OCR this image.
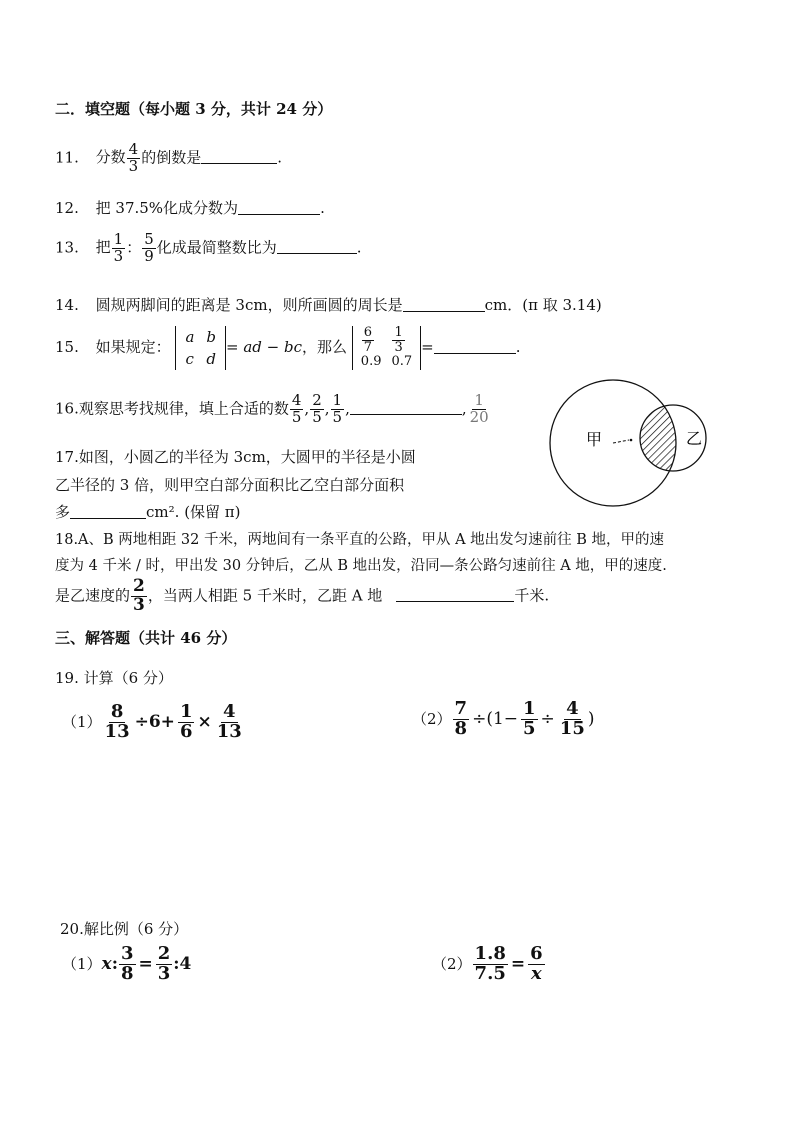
二．填空题（每小题 3 分，共计 24 分）
11. 分数 $\frac{4}{3}$ 的倒数是	.
12. 把 37.5%化成分数为	.
13. 把 $\frac{1}{3}$ ： $\frac{5}{9}$ 化成最简整数比为	.
14. 圆规两脚间的距离是 3cm，则所画圆的周长是	cm．(π 取 3.14)
15. 如果规定：
a	b
c	d
= ad − bc，那么 $\frac{6}{7}$	$\frac{1}{3}$

0.9	0.7
=	.
16.观察思考找规律，填上合适的数 $\frac{4}{5}$ , $\frac{2}{5}$ , $\frac{1}{5}$ ,	, $\frac{1}{20}$
17.如图，小圆乙的半径为 3cm，大圆甲的半径是小圆
乙半径的 3 倍，则甲空白部分面积比乙空白部分面积
多	cm². (保留 π)
甲	乙
18.A、B 两地相距 32 千米，两地间有一条平直的公路，甲从 A 地出发匀速前往 B 地，甲的速
度为 4 千米 / 时，甲出发 30 分钟后，乙从 B 地出发，沿同—条公路匀速前往 A 地，甲的速度.
是乙速度的 $\frac{2}{3}$ ，当两人相距 5 千米时，乙距 A 地	千米.
三、解答题（共计 46 分）
19. 计算（6 分）
$(1) \frac{8}{13} \div 6+ \frac{1}{6} \times \frac{4}{13}$	$(2) \frac{7}{8} \div(1- \frac{1}{5} \div \frac{4}{15}$ )
20.解比例（6 分）
（1）x: $\frac{3}{8} = \frac{2}{3}$ :4	$(2) \frac{1.8}{7.5} = \frac{6}{x}$
